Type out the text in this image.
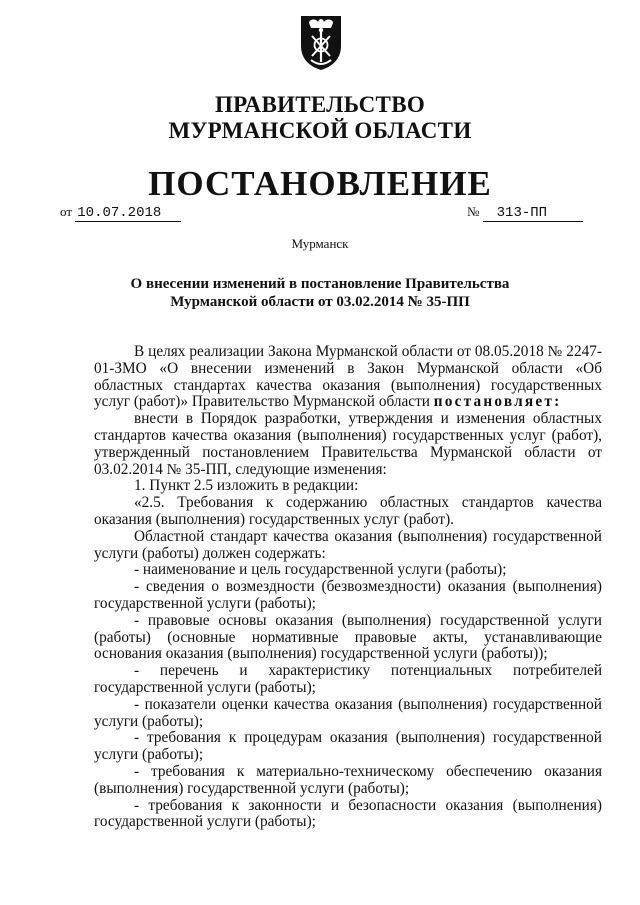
ПРАВИТЕЛЬСТВО
МУРМАНСКОЙ ОБЛАСТИ
ПОСТАНОВЛЕНИЕ
от 10.07.2018	№ 313-ПП
Мурманск
О внесении изменений в постановление Правительства
Мурманской области от 03.02.2014 № 35-ПП

В целях реализации Закона Мурманской области от 08.05.2018 № 2247-01-ЗМО «О внесении изменений в Закон Мурманской области «Об областных стандартах качества оказания (выполнения) государственных услуг (работ)» Правительство Мурманской области постановляет:

внести в Порядок разработки, утверждения и изменения областных стандартов качества оказания (выполнения) государственных услуг (работ), утвержденный постановлением Правительства Мурманской области от 03.02.2014 № 35-ПП, следующие изменения:

1. Пункт 2.5 изложить в редакции:

«2.5. Требования к содержанию областных стандартов качества оказания (выполнения) государственных услуг (работ).

Областной стандарт качества оказания (выполнения) государственной услуги (работы) должен содержать:

- наименование и цель государственной услуги (работы);

- сведения о возмездности (безвозмездности) оказания (выполнения) государственной услуги (работы);

- правовые основы оказания (выполнения) государственной услуги (работы) (основные нормативные правовые акты, устанавливающие основания оказания (выполнения) государственной услуги (работы));

- перечень и характеристику потенциальных потребителей государственной услуги (работы);

- показатели оценки качества оказания (выполнения) государственной услуги (работы);

- требования к процедурам оказания (выполнения) государственной услуги (работы);

- требования к материально-техническому обеспечению оказания (выполнения) государственной услуги (работы);

- требования к законности и безопасности оказания (выполнения) государственной услуги (работы);
